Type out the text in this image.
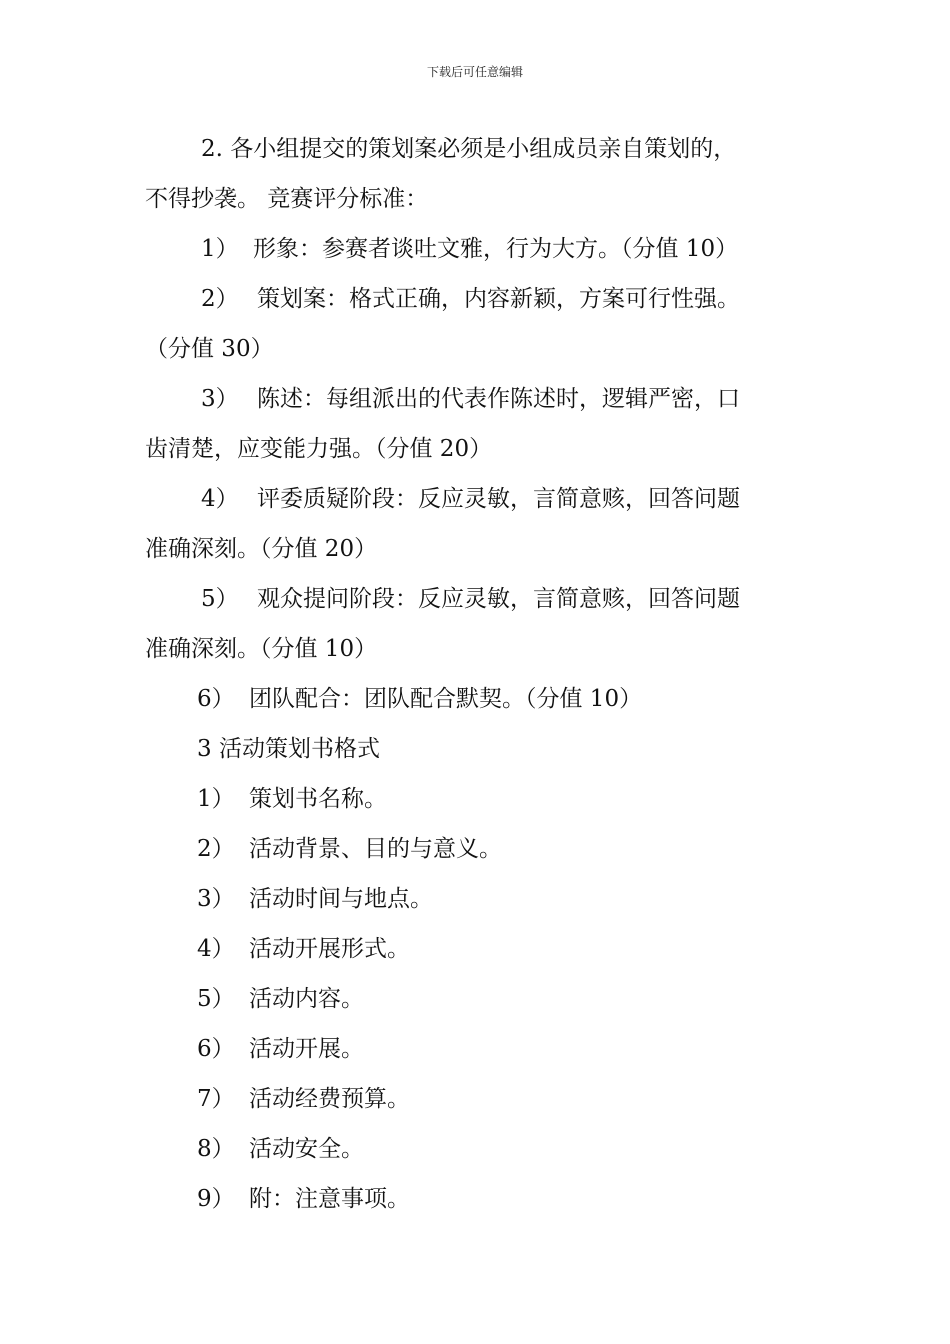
下载后可任意编辑
2. 各小组提交的策划案必须是小组成员亲自策划的，
不得抄袭。 竞赛评分标准：
1） 形象：参赛者谈吐文雅，行为大方。（分值 10）
2） 策划案：格式正确，内容新颖，方案可行性强。
（分值 30）
3） 陈述：每组派出的代表作陈述时，逻辑严密，口
齿清楚，应变能力强。（分值 20）
4） 评委质疑阶段：反应灵敏，言简意赅，回答问题
准确深刻。（分值 20）
5） 观众提问阶段：反应灵敏，言简意赅，回答问题
准确深刻。（分值 10）
6） 团队配合：团队配合默契。（分值 10）
3 活动策划书格式
1） 策划书名称。
2） 活动背景、目的与意义。
3） 活动时间与地点。
4） 活动开展形式。
5） 活动内容。
6） 活动开展。
7） 活动经费预算。
8） 活动安全。
9） 附：注意事项。
